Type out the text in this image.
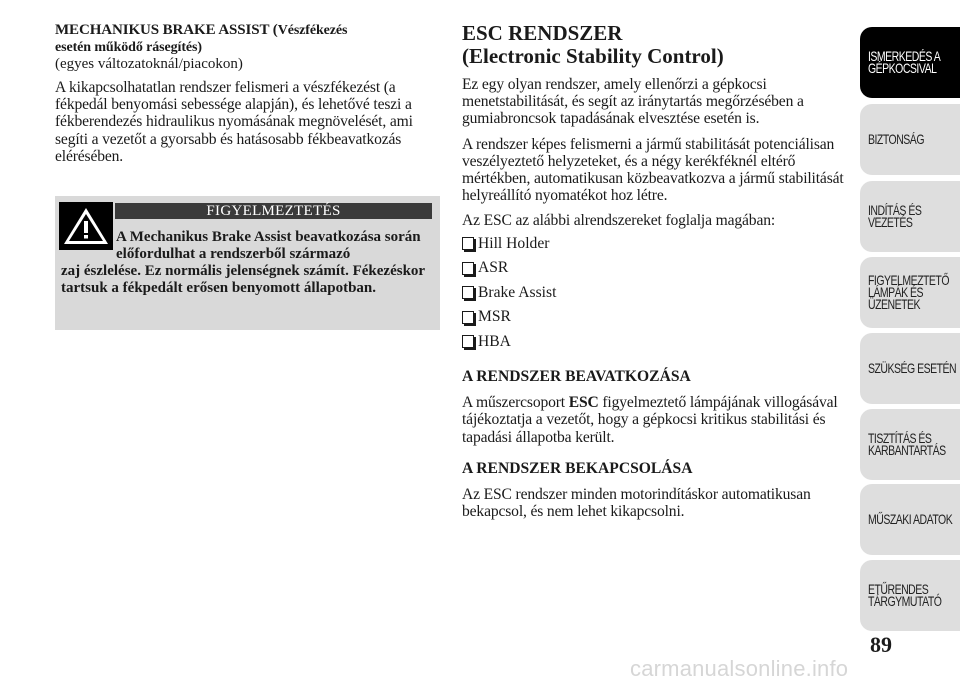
MECHANIKUS BRAKE ASSIST (Vészfékezés
esetén működő rásegítés)
(egyes változatoknál/piacokon)

A kikapcsolhatatlan rendszer felismeri a vészfékezést (a fékpedál benyomási sebessége alapján), és lehetővé teszi a fékberendezés hidraulikus nyomásának megnövelését, ami segíti a vezetőt a gyorsabb és hatásosabb fékbeavatkozás elérésében.

FIGYELMEZTETÉS
A Mechanikus Brake Assist beavatkozása során előfordulhat a rendszerből származó
zaj észlelése. Ez normális jelenségnek számít. Fékezéskor tartsuk a fékpedált erősen benyomott állapotban.
ESC RENDSZER
(Electronic Stability Control)

Ez egy olyan rendszer, amely ellenőrzi a gépkocsi menetstabilitását, és segít az iránytartás megőrzésében a gumiabroncsok tapadásának elvesztése esetén is.

A rendszer képes felismerni a jármű stabilitását potenciálisan veszélyeztető helyzeteket, és a négy kerékféknél eltérő mértékben, automatikusan közbeavatkozva a jármű stabilitását helyreállító nyomatékot hoz létre.

Az ESC az alábbi alrendszereket foglalja magában:

Hill Holder
ASR
Brake Assist
MSR
HBA
A RENDSZER BEAVATKOZÁSA

A műszercsoport ESC figyelmeztető lámpájának villogásával tájékoztatja a vezetőt, hogy a gépkocsi kritikus stabilitási és tapadási állapotba került.

A RENDSZER BEKAPCSOLÁSA

Az ESC rendszer minden motorindításkor automatikusan bekapcsol, és nem lehet kikapcsolni.

ISMERKEDÉS A
GÉPKOCSIVAL
BIZTONSÁG
INDÍTÁS ÉS
VEZETÉS
FIGYELMEZTETŐ
LÁMPÁK ÉS
ÜZENETEK
SZÜKSÉG ESETÉN
TISZTÍTÁS ÉS
KARBANTARTÁS
MŰSZAKI ADATOK
ETŰRENDES
TÁRGYMUTATÓ
89
carmanualsonline.info
